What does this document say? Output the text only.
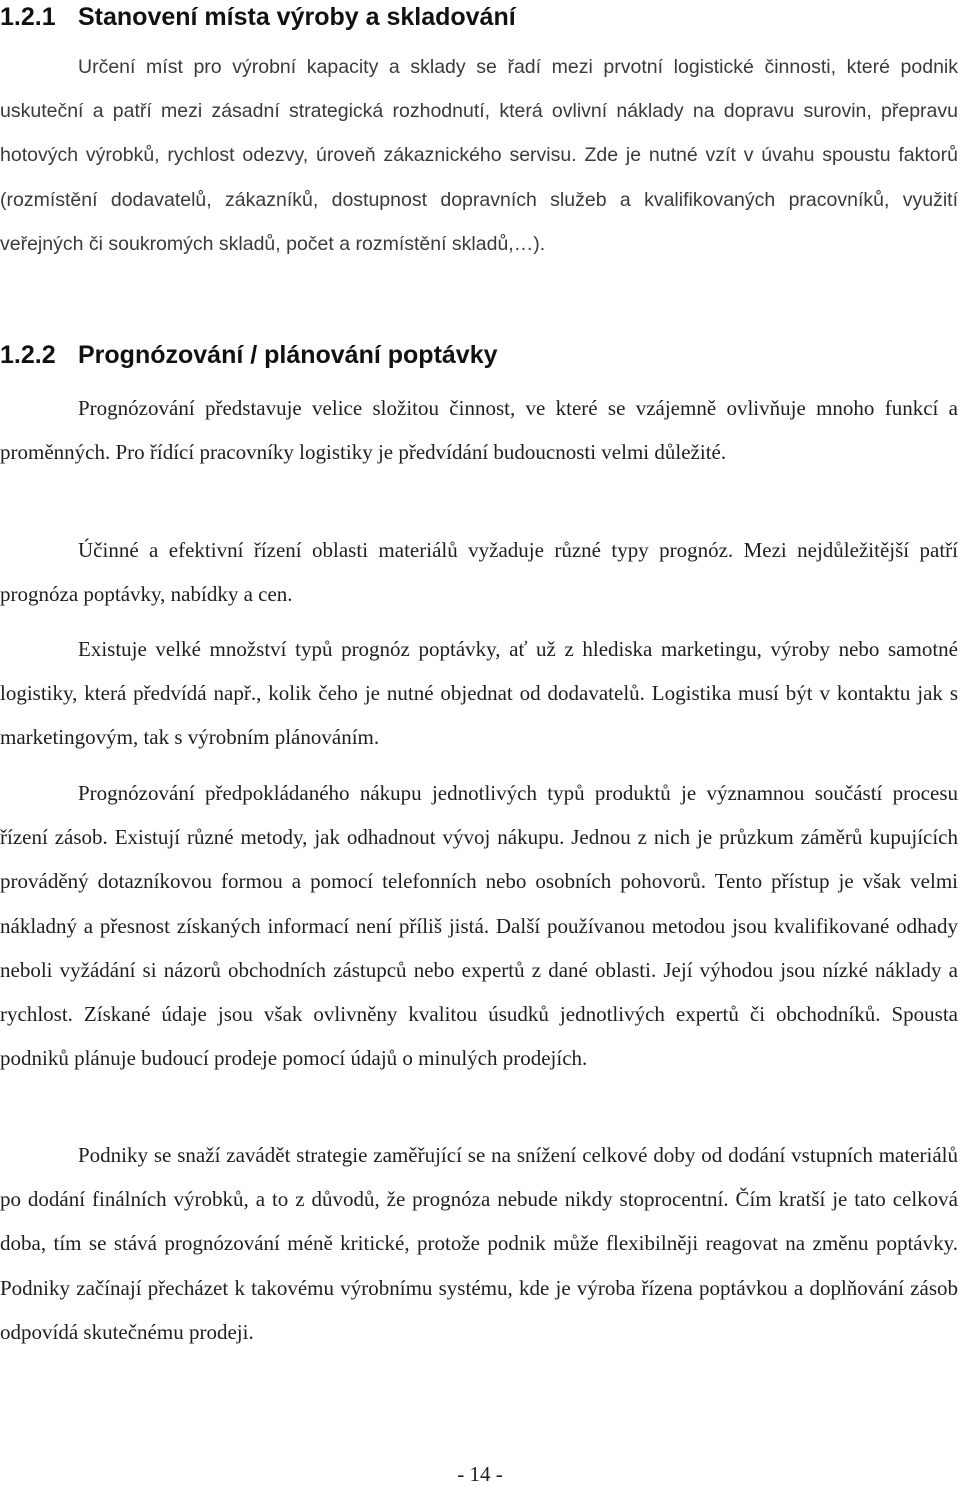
1.2.1 Stanovení místa výroby a skladování

Určení míst pro výrobní kapacity a sklady se řadí mezi prvotní logistické činnosti, které podnik uskuteční a patří mezi zásadní strategická rozhodnutí, která ovlivní náklady na dopravu surovin, přepravu hotových výrobků, rychlost odezvy, úroveň zákaznického servisu. Zde je nutné vzít v úvahu spoustu faktorů (rozmístění dodavatelů, zákazníků, dostupnost dopravních služeb a kvalifikovaných pracovníků, využití veřejných či soukromých skladů, počet a rozmístění skladů,…).

1.2.2 Prognózování / plánování poptávky

Prognózování představuje velice složitou činnost, ve které se vzájemně ovlivňuje mnoho funkcí a proměnných. Pro řídící pracovníky logistiky je předvídání budoucnosti velmi důležité.

Účinné a efektivní řízení oblasti materiálů vyžaduje různé typy prognóz. Mezi nejdůležitější patří prognóza poptávky, nabídky a cen.

Existuje velké množství typů prognóz poptávky, ať už z hlediska marketingu, výroby nebo samotné logistiky, která předvídá např., kolik čeho je nutné objednat od dodavatelů. Logistika musí být v kontaktu jak s marketingovým, tak s výrobním plánováním.

Prognózování předpokládaného nákupu jednotlivých typů produktů je významnou součástí procesu řízení zásob. Existují různé metody, jak odhadnout vývoj nákupu. Jednou z nich je průzkum záměrů kupujících prováděný dotazníkovou formou a pomocí telefonních nebo osobních pohovorů. Tento přístup je však velmi nákladný a přesnost získaných informací není příliš jistá. Další používanou metodou jsou kvalifikované odhady neboli vyžádání si názorů obchodních zástupců nebo expertů z dané oblasti. Její výhodou jsou nízké náklady a rychlost. Získané údaje jsou však ovlivněny kvalitou úsudků jednotlivých expertů či obchodníků. Spousta podniků plánuje budoucí prodeje pomocí údajů o minulých prodejích.

Podniky se snaží zavádět strategie zaměřující se na snížení celkové doby od dodání vstupních materiálů po dodání finálních výrobků, a to z důvodů, že prognóza nebude nikdy stoprocentní. Čím kratší je tato celková doba, tím se stává prognózování méně kritické, protože podnik může flexibilněji reagovat na změnu poptávky. Podniky začínají přecházet k takovému výrobnímu systému, kde je výroba řízena poptávkou a doplňování zásob odpovídá skutečnému prodeji.

- 14 -
